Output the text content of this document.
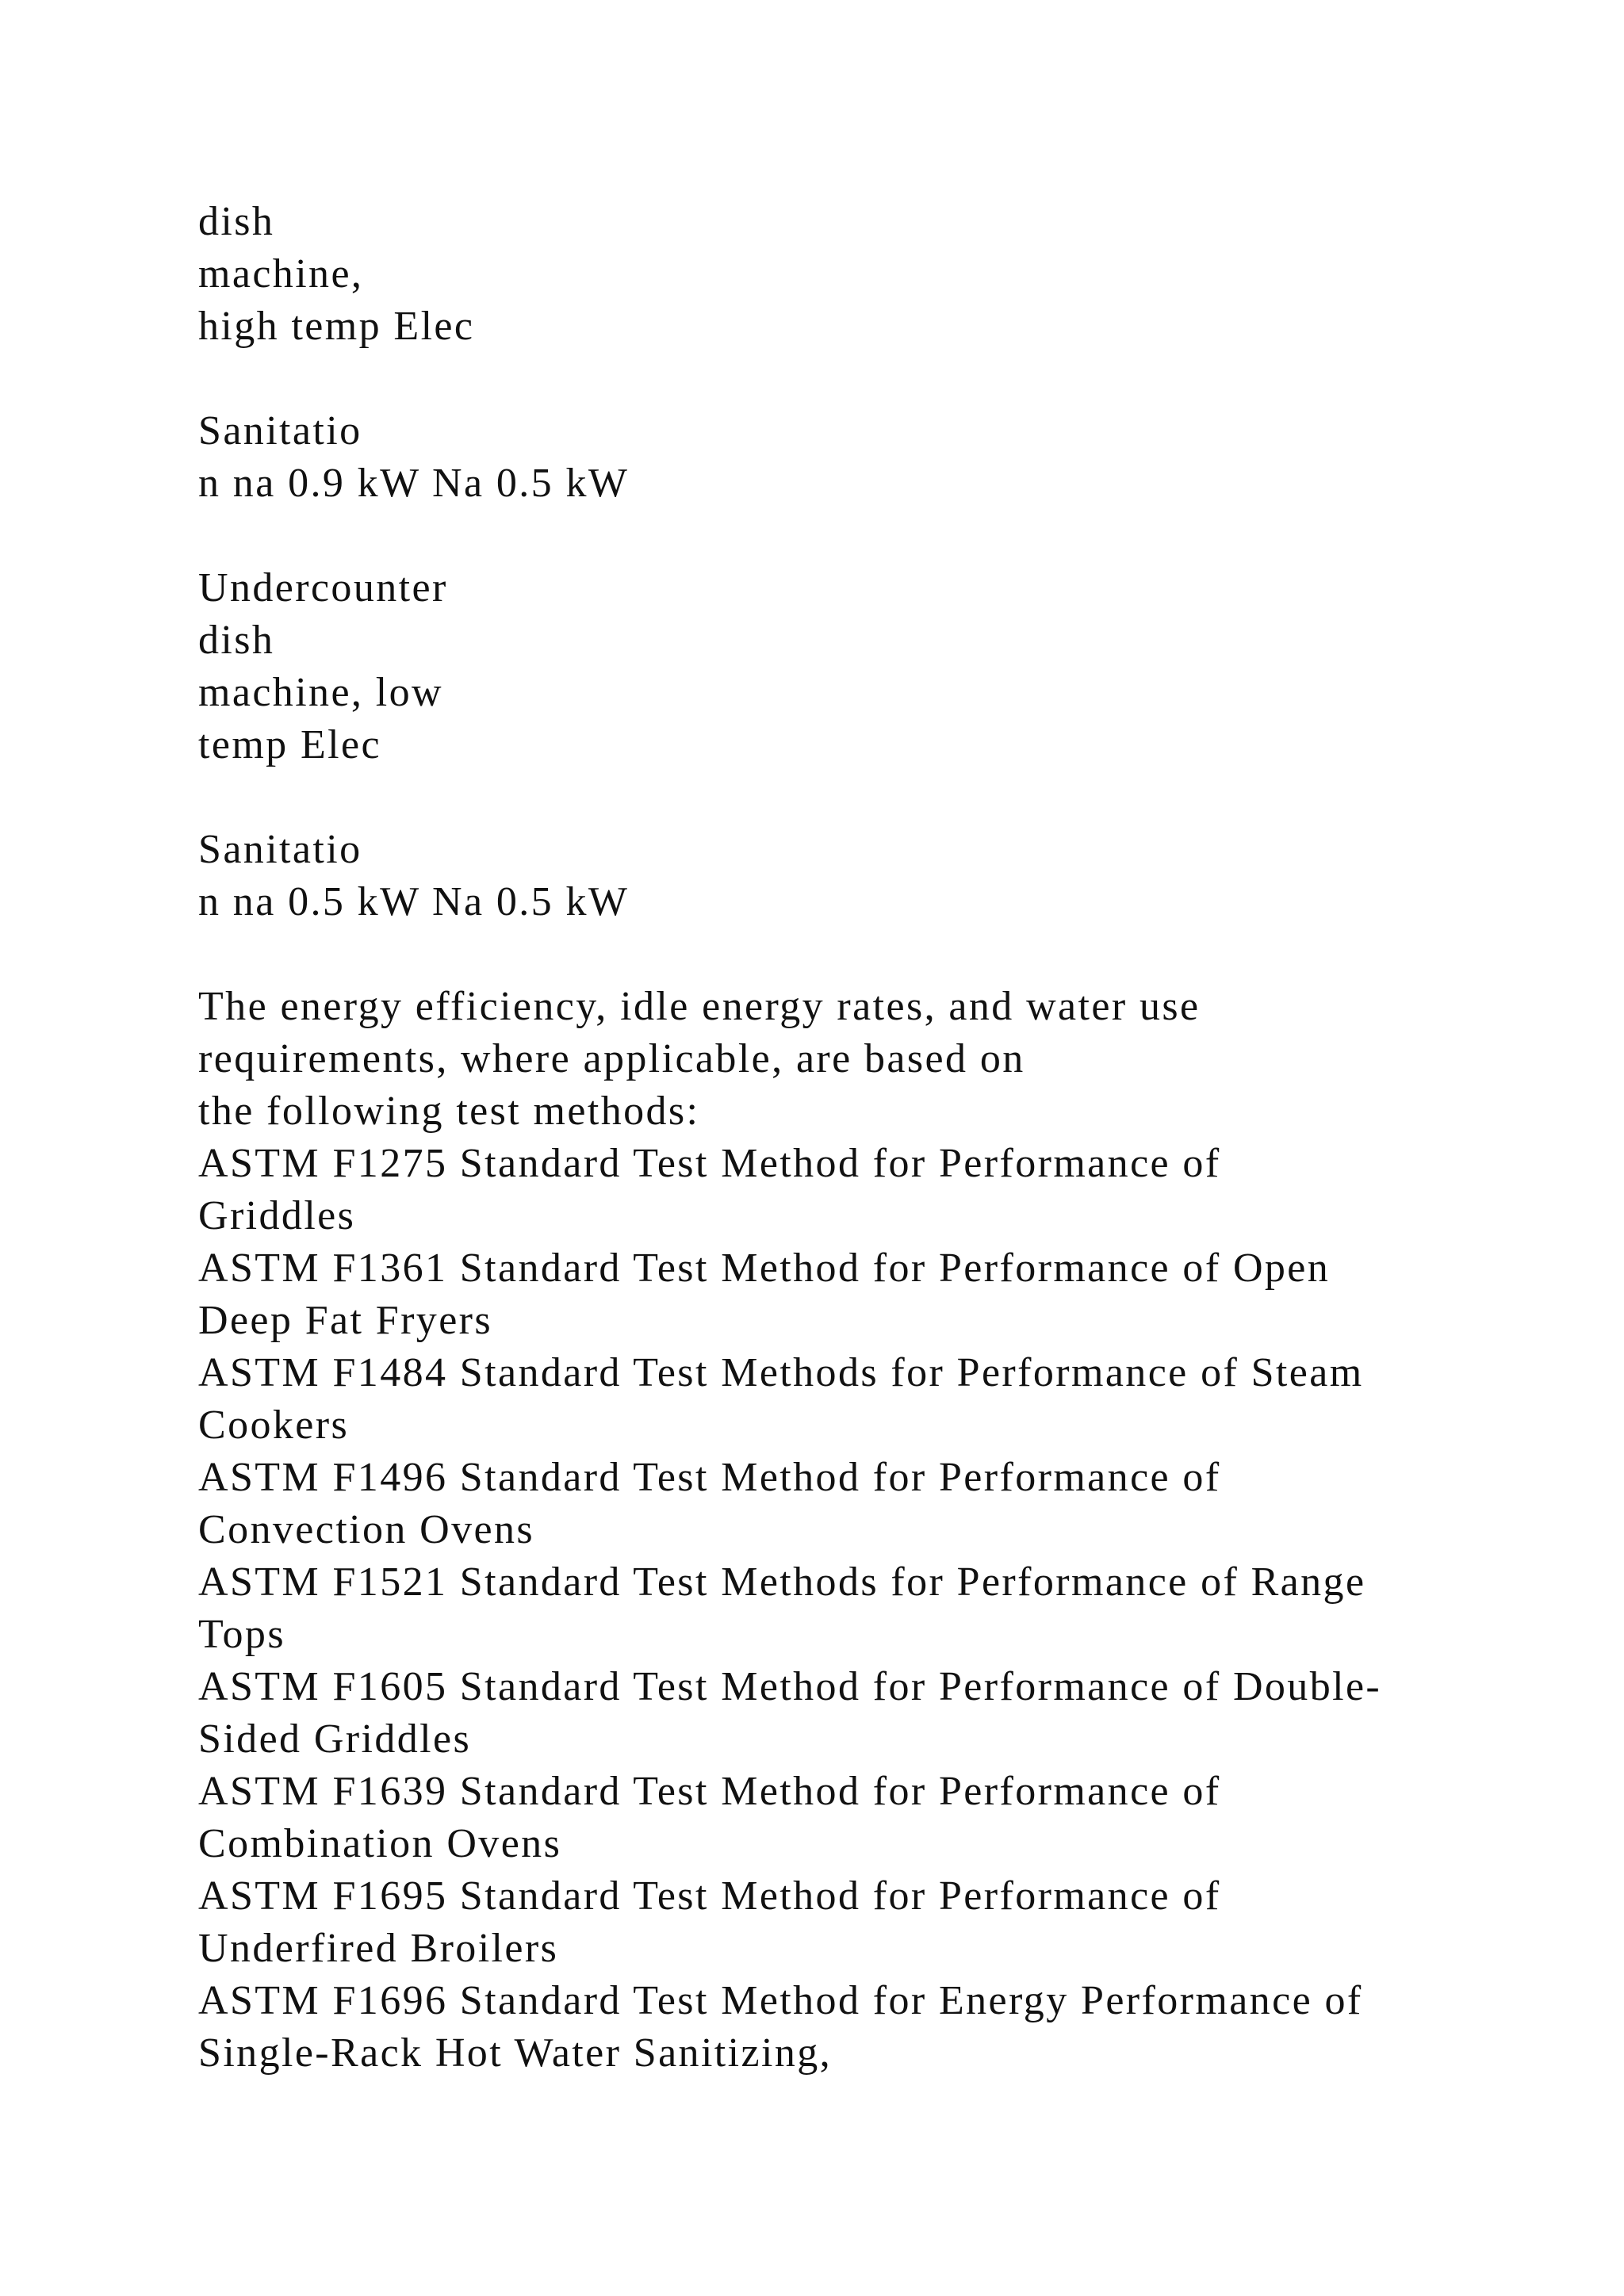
dish
machine,
high temp Elec
Sanitatio
n na 0.9 kW Na 0.5 kW
Undercounter
dish
machine, low
temp Elec
Sanitatio
n na 0.5 kW Na 0.5 kW
The energy efficiency, idle energy rates, and water use
requirements, where applicable, are based on
the following test methods:
ASTM F1275 Standard Test Method for Performance of
Griddles
ASTM F1361 Standard Test Method for Performance of Open
Deep Fat Fryers
ASTM F1484 Standard Test Methods for Performance of Steam
Cookers
ASTM F1496 Standard Test Method for Performance of
Convection Ovens
ASTM F1521 Standard Test Methods for Performance of Range
Tops
ASTM F1605 Standard Test Method for Performance of Double-
Sided Griddles
ASTM F1639 Standard Test Method for Performance of
Combination Ovens
ASTM F1695 Standard Test Method for Performance of
Underfired Broilers
ASTM F1696 Standard Test Method for Energy Performance of
Single-Rack Hot Water Sanitizing,
